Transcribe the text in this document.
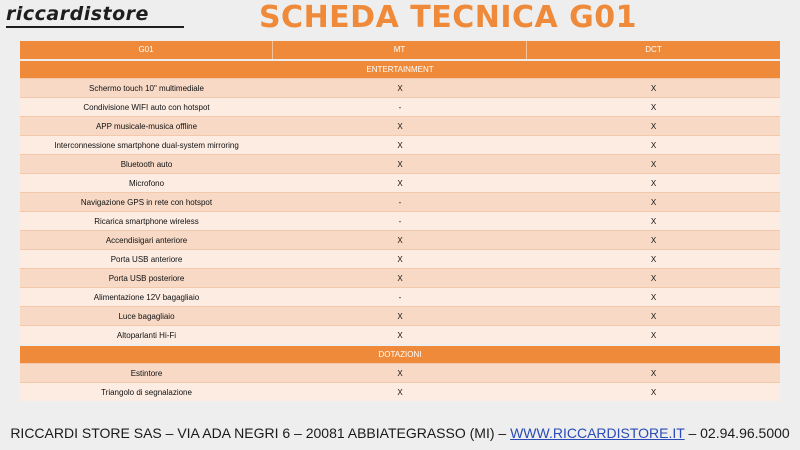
riccardistore	SCHEDA TECNICA G01
G01	MT	DCT
ENTERTAINMENT
Schermo touch 10" multimediale	X	X
Condivisione WIFI auto con hotspot	-	X
APP musicale-musica offline	X	X
Interconnessione smartphone dual-system mirroring	X	X
Bluetooth auto	X	X
Microfono	X	X
Navigazione GPS in rete con hotspot	-	X
Ricarica smartphone wireless	-	X
Accendisigari anteriore	X	X
Porta USB anteriore	X	X
Porta USB posteriore	X	X
Alimentazione 12V bagagliaio	-	X
Luce bagagliaio	X	X
Altoparlanti Hi-Fi	X	X
DOTAZIONI
Estintore	X	X
Triangolo di segnalazione	X	X
RICCARDI STORE SAS – VIA ADA NEGRI 6 – 20081 ABBIATEGRASSO (MI) – WWW.RICCARDISTORE.IT – 02.94.96.5000
